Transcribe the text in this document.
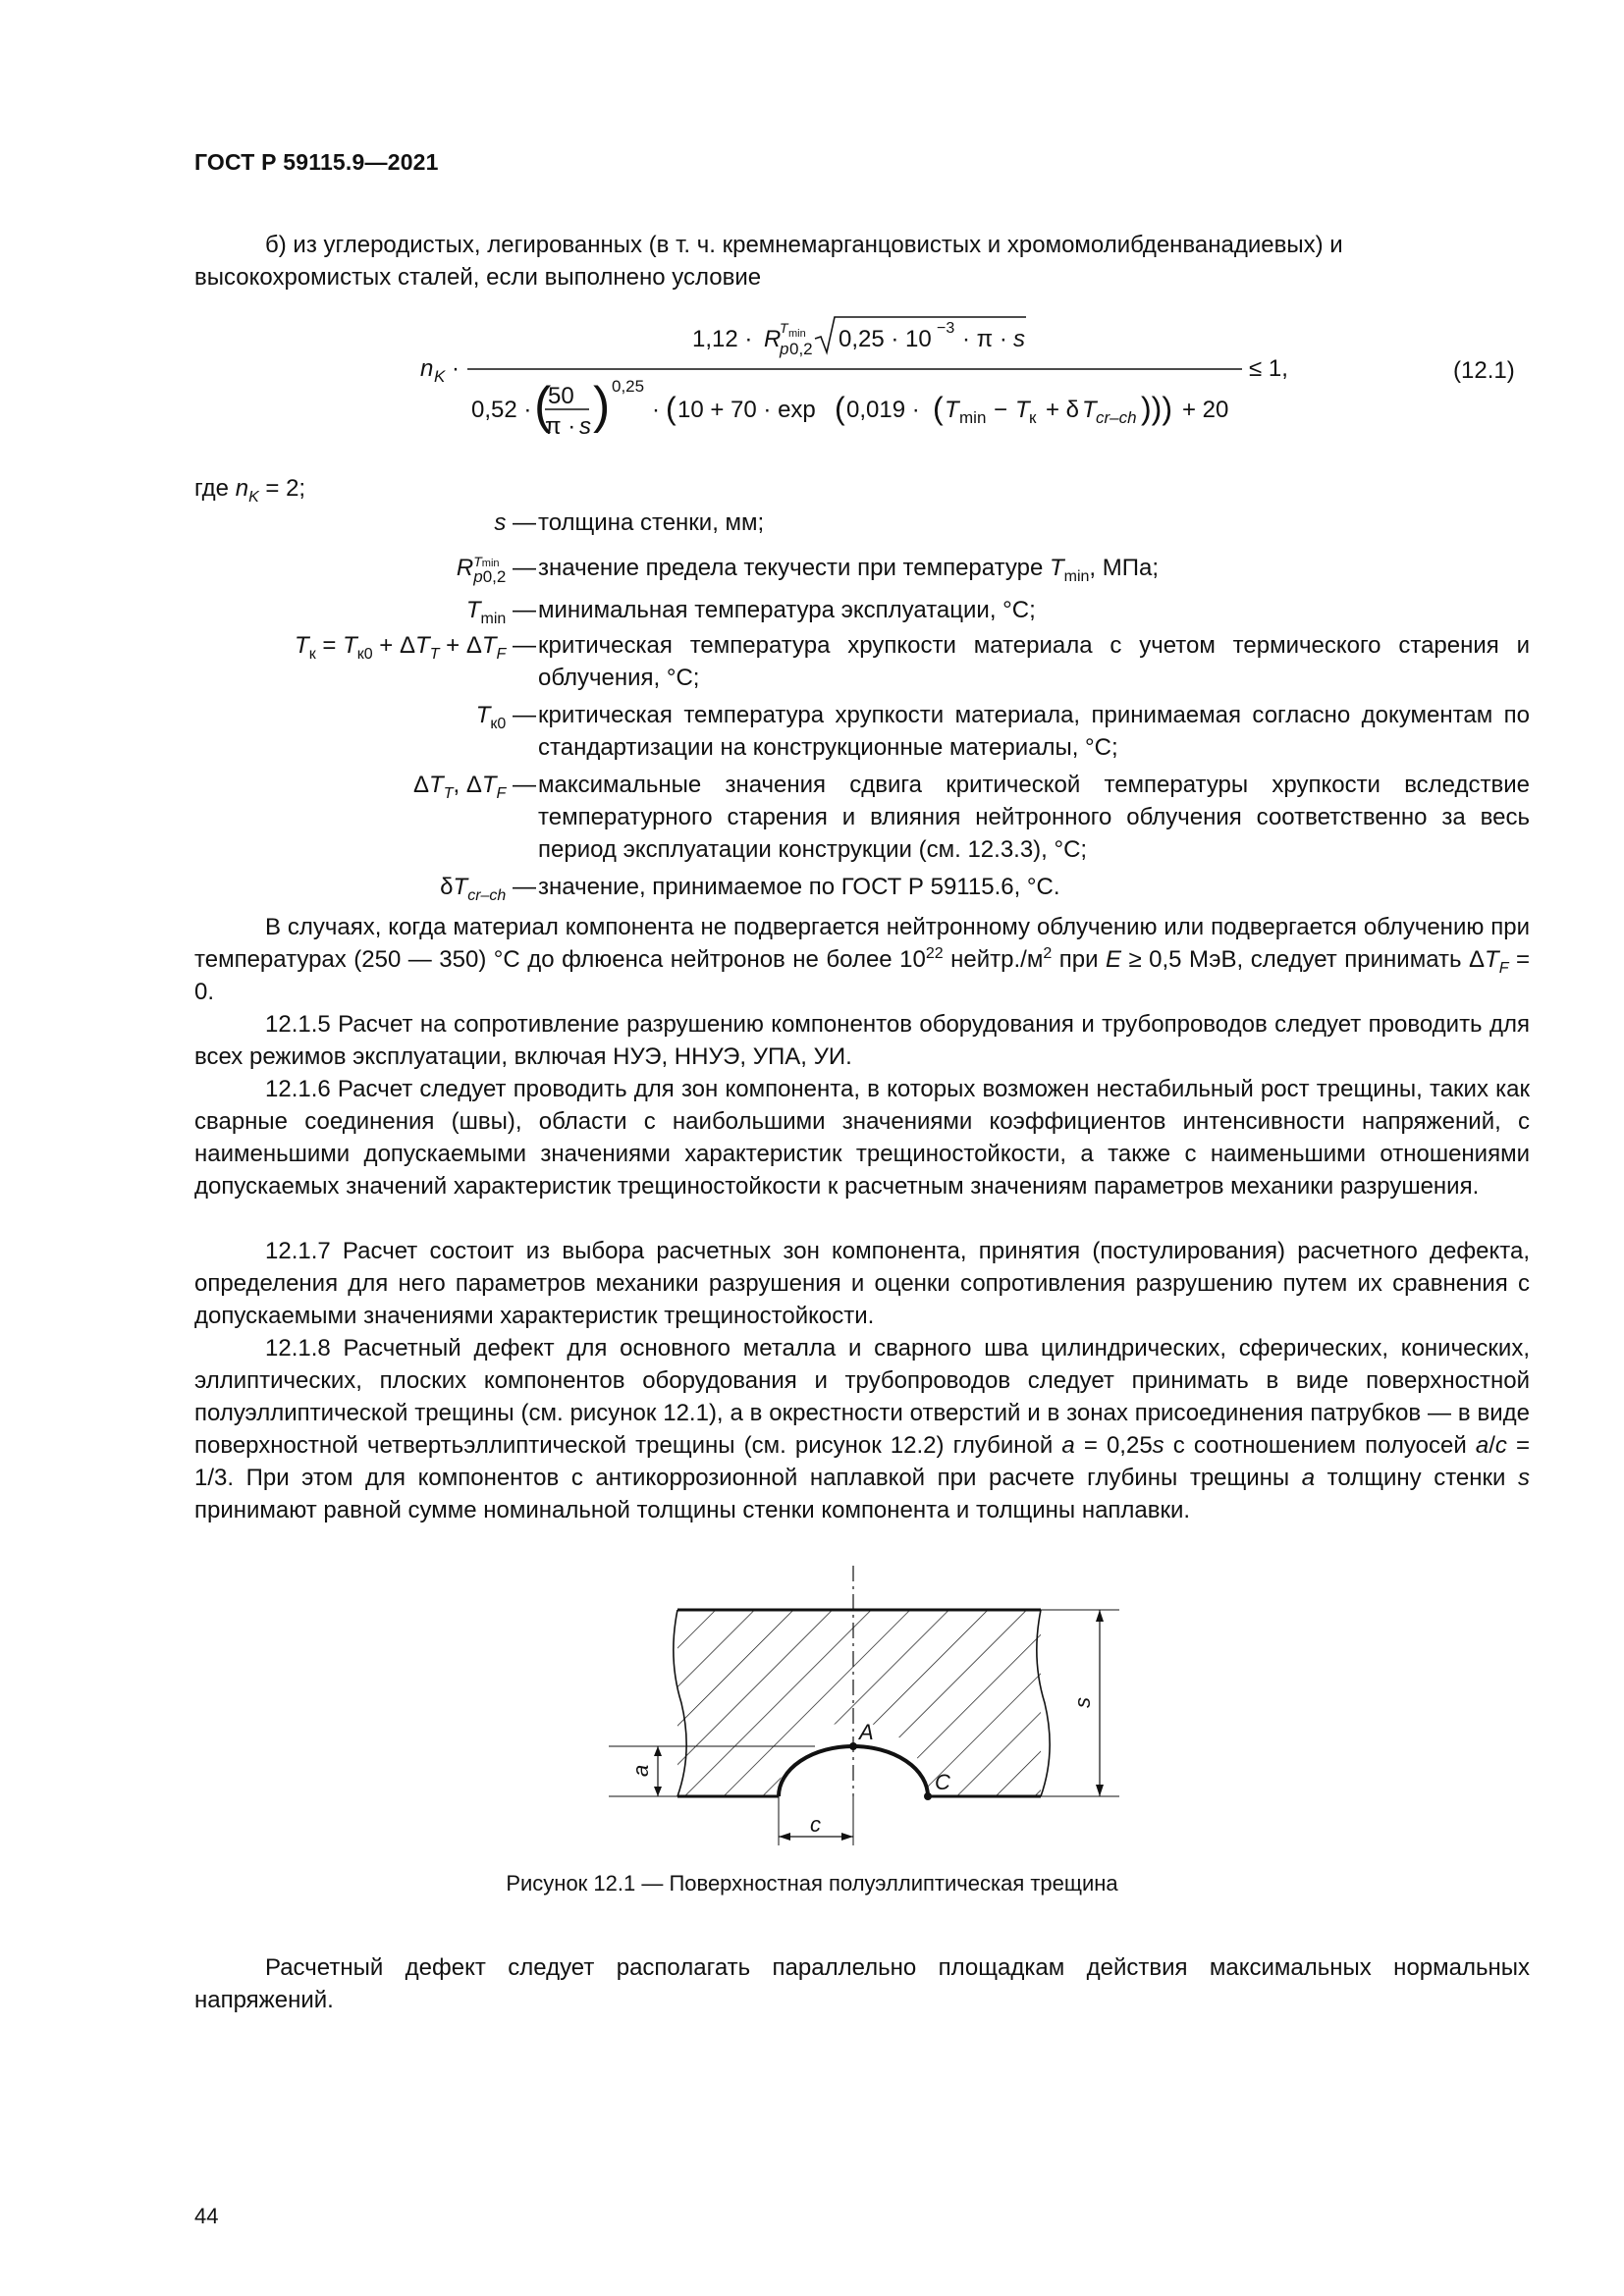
ГОСТ Р 59115.9—2021
б) из углеродистых, легированных (в т. ч. кремнемарганцовистых и хромомолибденванадиевых) и
высокохромистых сталей, если выполнено условие
n K ·
1,12 · R
T min
p 0,2 0,25 · 10 −3 · π · s
0,52 · (
50
π · s ) 0,25
· ( 10 + 70 · exp ( 0,019 · ( T min − T к + δ T cr–ch ))) + 20
≤ 1,	(12.1)
где $n_K = 2$;
s — толщина стенки, мм;
RTmin
p0,2 — значение предела текучести при температуре $T_{min}$, МПа;
$T_{min}$ — минимальная температура эксплуатации, °С;
$T_к = T_{к0} + \Delta T_T + \Delta T_F$ — критическая температура хрупкости материала с учетом термического старения и облучения, °С;
$T_{к0}$ — критическая температура хрупкости материала, принимаемая согласно документам по стандартизации на конструкционные материалы, °С;
$\Delta T_T$, $\Delta T_F$ — максимальные значения сдвига критической температуры хрупкости вследствие температурного старения и влияния нейтронного облучения соответственно за весь период эксплуатации конструкции (см. 12.3.3), °С;
$\delta T_{cr-ch}$ — значение, принимаемое по ГОСТ Р 59115.6, °С.
В случаях, когда материал компонента не подвергается нейтронному облучению или подвергается облучению при температурах (250 — 350) °С до флюенса нейтронов не более $10^{22}$ $нейтр./м^2$ при E ≥ 0,5 МэВ, следует принимать $\Delta T_F = 0$.
12.1.5 Расчет на сопротивление разрушению компонентов оборудования и трубопроводов следует проводить для всех режимов эксплуатации, включая НУЭ, ННУЭ, УПА, УИ.
12.1.6 Расчет следует проводить для зон компонента, в которых возможен нестабильный рост трещины, таких как сварные соединения (швы), области с наибольшими значениями коэффициентов интенсивности напряжений, с наименьшими допускаемыми значениями характеристик трещиностойкости, а также с наименьшими отношениями допускаемых значений характеристик трещиностойкости к расчетным значениям параметров механики разрушения.
12.1.7 Расчет состоит из выбора расчетных зон компонента, принятия (постулирования) расчетного дефекта, определения для него параметров механики разрушения и оценки сопротивления разрушению путем их сравнения с допускаемыми значениями характеристик трещиностойкости.
12.1.8 Расчетный дефект для основного металла и сварного шва цилиндрических, сферических, конических, эллиптических, плоских компонентов оборудования и трубопроводов следует принимать в виде поверхностной полуэллиптической трещины (см. рисунок 12.1), а в окрестности отверстий и в зонах присоединения патрубков — в виде поверхностной четвертьэллиптической трещины (см. рисунок 12.2) глубиной a = 0,25s с соотношением полуосей a/c = 1/3. При этом для компонентов с антикоррозионной наплавкой при расчете глубины трещины a толщину стенки s принимают равной сумме номинальной толщины стенки компонента и толщины наплавки.
A
C
c
a
s
Рисунок 12.1 — Поверхностная полуэллиптическая трещина
Расчетный дефект следует располагать параллельно площадкам действия максимальных нормальных напряжений.
44
